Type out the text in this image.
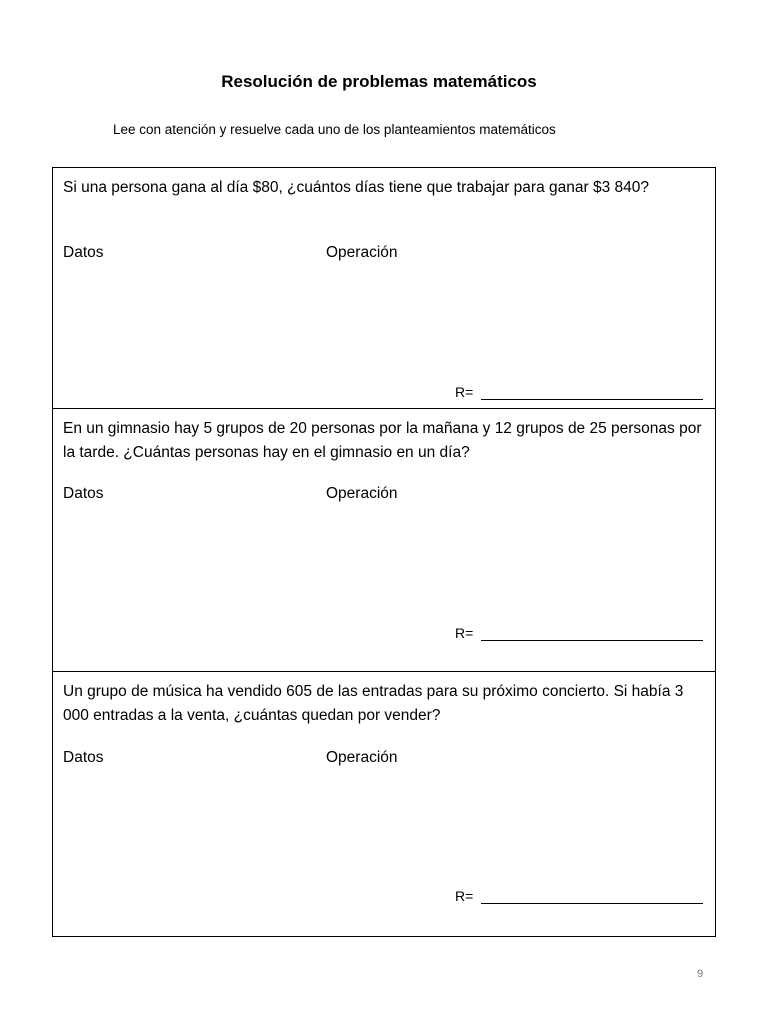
Resolución de problemas matemáticos
Lee con atención y resuelve cada uno de los planteamientos matemáticos
Si una persona gana al día $80, ¿cuántos días tiene que trabajar para ganar $3 840?
Datos	Operación
R=
En un gimnasio hay 5 grupos de 20 personas por la mañana y 12 grupos de 25 personas por la tarde. ¿Cuántas personas hay en el gimnasio en un día?
Datos	Operación
R=
Un grupo de música ha vendido 605 de las entradas para su próximo concierto. Si había 3 000 entradas a la venta, ¿cuántas quedan por vender?
Datos	Operación
R=
9
